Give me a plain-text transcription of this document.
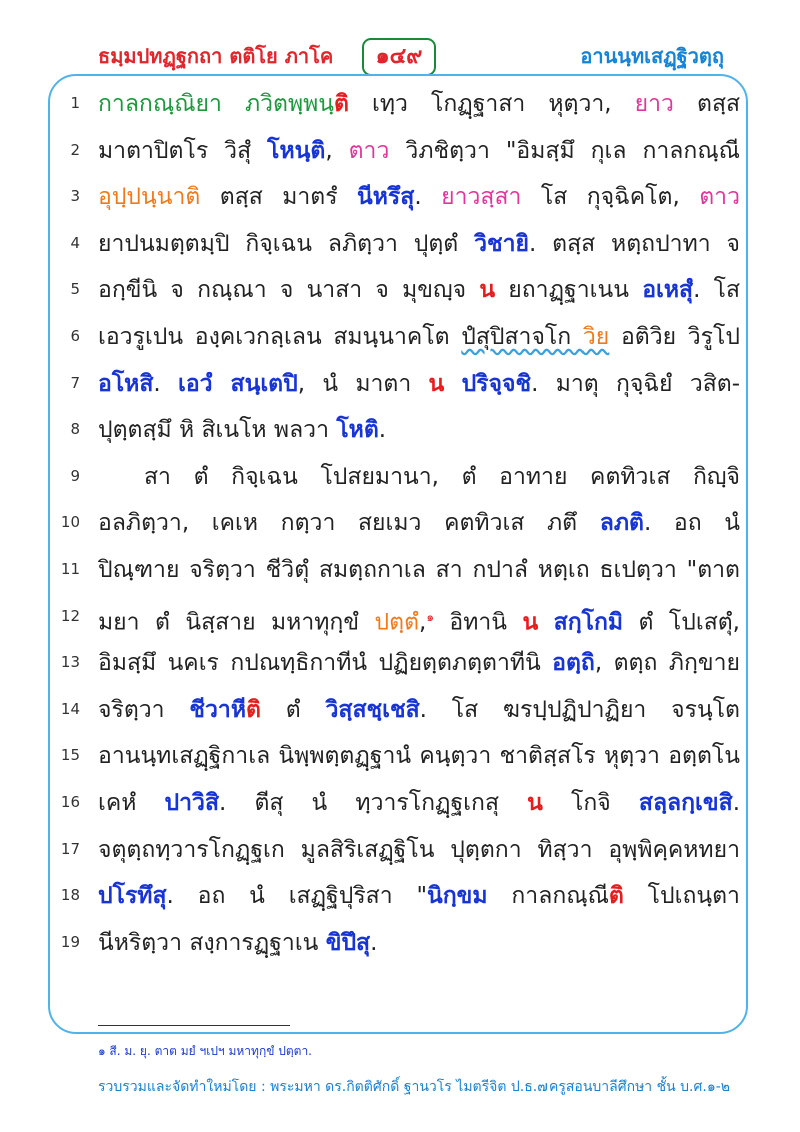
ธมฺมปทฏฺฐกถา ตติโย ภาโค	๑๔๙	อานนฺทเสฏฺฐิวตฺถุ
1 กาลกณฺณิยา ภวิตพฺพนฺติ เทฺว โกฏฺฐาสา หุตฺวา, ยาว ตสฺส
2 มาตาปิตโร วิสุํ โหนฺติ, ตาว วิภชิตฺวา "อิมสฺมึ กุเล กาลกณฺณี
3 อุปฺปนฺนาติ ตสฺส มาตรํ นีหรึสุ. ยาวสฺสา โส กุจฺฉิคโต, ตาว
4 ยาปนมตฺตมฺปิ กิจฺเฉน ลภิตฺวา ปุตฺตํ วิชายิ. ตสฺส หตฺถปาทา จ
5 อกฺขีนิ จ กณฺณา จ นาสา จ มุขญฺจ น ยถาฏฺฐาเนน อเหสุํ. โส
6 เอวรูเปน องฺคเวกลฺเลน สมนฺนาคโต ปํสุปิสาจโก วิย อติวิย วิรูโป
7 อโหสิ. เอวํ สนฺเตปิ, นํ มาตา น ปริจฺจชิ. มาตุ กุจฺฉิยํ วสิต-
8 ปุตฺตสฺมึ หิ สิเนโห พลวา โหติ.
9	สา ตํ กิจฺเฉน โปสยมานา, ตํ อาทาย คตทิวเส กิญฺจิ
10 อลภิตฺวา, เคเห กตฺวา สยเมว คตทิวเส ภตึ ลภติ. อถ นํ
11 ปิณฺฑาย จริตฺวา ชีวิตุํ สมตฺถกาเล สา กปาลํ หตฺเถ ธเปตฺวา "ตาต
12 มยา ตํ นิสฺสาย มหาทุกฺขํ ปตฺตํ,$^๑$ อิทานิ น สกฺโกมิ ตํ โปเสตุํ,
13 อิมสฺมึ นคเร กปณทฺธิกาทีนํ ปฏิยตฺตภตฺตาทีนิ อตฺถิ, ตตฺถ ภิกฺขาย
14 จริตฺวา ชีวาหีติ ตํ วิสฺสชฺเชสิ. โส ฆรปฺปฏิปาฏิยา จรนฺโต
15 อานนฺทเสฏฺฐิกาเล นิพฺพตฺตฏฺฐานํ คนฺตฺวา ชาติสฺสโร หุตฺวา อตฺตโน
16 เคหํ ปาวิสิ. ตีสุ นํ ทฺวารโกฏฺฐเกสุ น โกจิ สลฺลกฺเขสิ.
17 จตุตฺถทฺวารโกฏฺฐเก มูลสิริเสฏฺฐิโน ปุตฺตกา ทิสฺวา อุพฺพิคฺคหทยา
18 ปโรทึสุ. อถ นํ เสฏฺฐิปุริสา "นิกฺขม กาลกณฺณีติ โปเถนฺตา
19 นีหริตฺวา สงฺการฏฺฐาเน ขิปึสุ.
๑ สี. ม. ยุ. ตาต มยํ ฯเปฯ มหาทุกฺขํ ปตฺตา.
รวบรวมและจัดทำใหม่โดย : พระมหา ดร.กิตติศักดิ์ ฐานวโร ไมตรีจิต ป.ธ.๗ ครูสอนบาลีศึกษา ชั้น บ.ศ.๑-๒
